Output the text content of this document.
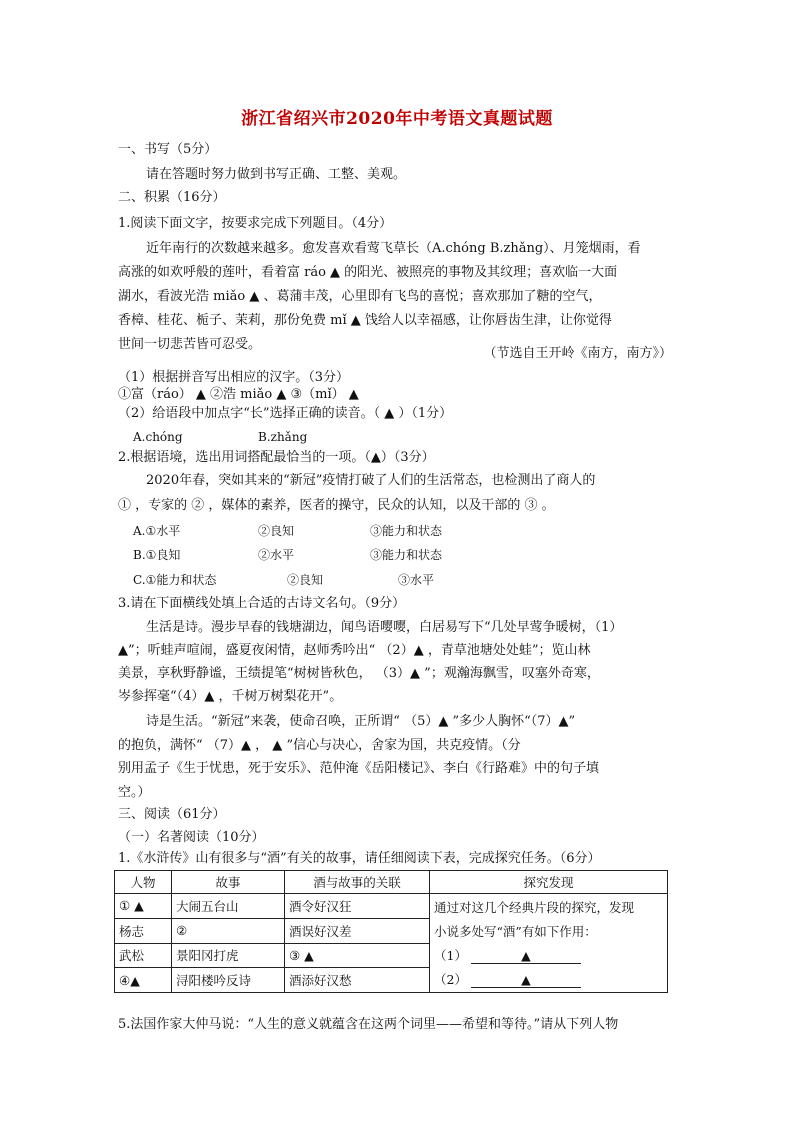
浙江省绍兴市2020年中考语文真题试题
一、书写（5分）
请在答题时努力做到书写正确、工整、美观。
二、积累（16分）
1.阅读下面文字，按要求完成下列题目。（4分）
近年南行的次数越来越多。愈发喜欢看莺飞草长（A.chóng B.zhǎng）、月笼烟雨，看
高涨的如欢呼般的莲叶，看着富 ráo ▲ 的阳光、被照亮的事物及其纹理；喜欢临一大面
湖水，看波光浩 miǎo ▲ 、葛蒲丰茂，心里即有飞鸟的喜悦；喜欢那加了糖的空气，
香樟、桂花、栀子、茉莉，那份免费 mǐ ▲ 饯给人以幸福感，让你唇齿生津，让你觉得
世间一切悲苦皆可忍受。
（节选自王开岭《南方，南方》）
（1）根据拼音写出相应的汉字。（3分）
①富（ráo） ▲ ②浩 miǎo ▲ ③（mǐ） ▲
（2）给语段中加点字“长”选择正确的读音。（ ▲ ）（1分）
A.chóng	B.zhǎng
2.根据语境，选出用词搭配最恰当的一项。（▲）（3分）
2020年春，突如其来的“新冠”疫情打破了人们的生活常态，也检测出了商人的
① ，专家的 ② ，媒体的素养，医者的操守，民众的认知，以及干部的 ③ 。
A.①水平	②良知	③能力和状态
B.①良知	②水平	③能力和状态
C.①能力和状态	②良知	③水平
3.请在下面横线处填上合适的古诗文名句。（9分）
生活是诗。漫步早春的钱塘湖边，闻鸟语嘤嘤，白居易写下“几处早莺争暖树，（1）
▲”；听蛙声喧闹，盛夏夜闲情，赵师秀吟出“ （2）▲ ，青草池塘处处蛙”；览山林
美景，享秋野静谧，王绩提笔“树树皆秋色， （3）▲ ”；观瀚海飘雪，叹塞外奇寒，
岑参挥毫“（4）▲ ，千树万树梨花开”。
诗是生活。“新冠”来袭，使命召唤，正所谓“ （5）▲ ”多少人胸怀“（7）▲”
的抱负，满怀“ （7）▲ ， ▲ ”信心与决心，舍家为国，共克疫情。（分
别用孟子《生于忧患，死于安乐》、范仲淹《岳阳楼记》、李白《行路难》中的句子填
空。）
三、阅读（61分）
（一）名著阅读（10分）
1.《水浒传》山有很多与“酒”有关的故事，请任细阅读下表，完成探究任务。（6分）
人物	故事	酒与故事的关联	探究发现
① ▲	大闹五台山	酒令好汉狂	通过对这几个经典片段的探究，发现
小说多处写“酒”有如下作用：
（1） ▲
（2） ▲

杨志	②	酒误好汉差	
武松	景阳冈打虎	③ ▲	
④▲	浔阳楼吟反诗	酒添好汉愁	
5.法国作家大仲马说：“人生的意义就蕴含在这两个词里——希望和等待。”请从下列人物
